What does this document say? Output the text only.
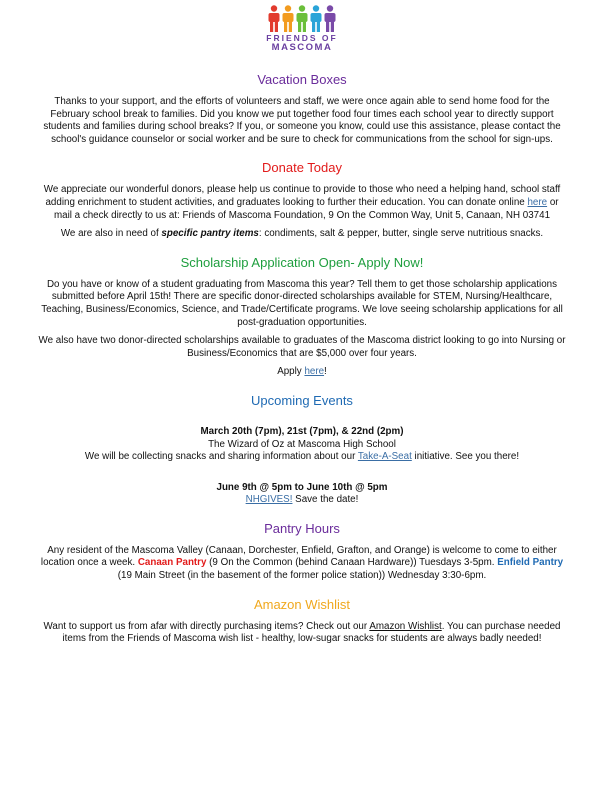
FRIENDS OF
MASCOMA
Vacation Boxes

Thanks to your support, and the efforts of volunteers and staff, we were once again able to send home food for the February school break to families. Did you know we put together food four times each school year to directly support students and families during school breaks? If you, or someone you know, could use this assistance, please contact the school's guidance counselor or social worker and be sure to check for communications from the school for sign-ups.

Donate Today

We appreciate our wonderful donors, please help us continue to provide to those who need a helping hand, school staff adding enrichment to student activities, and graduates looking to further their education. You can donate online here or mail a check directly to us at: Friends of Mascoma Foundation, 9 On the Common Way, Unit 5, Canaan, NH 03741

We are also in need of specific pantry items: condiments, salt & pepper, butter, single serve nutritious snacks.

Scholarship Application Open- Apply Now!

Do you have or know of a student graduating from Mascoma this year? Tell them to get those scholarship applications submitted before April 15th! There are specific donor-directed scholarships available for STEM, Nursing/Healthcare, Teaching, Business/Economics, Science, and Trade/Certificate programs. We love seeing scholarship applications for all post-graduation opportunities.

We also have two donor-directed scholarships available to graduates of the Mascoma district looking to go into Nursing or Business/Economics that are $5,000 over four years.

Apply here!

Upcoming Events

March 20th (7pm), 21st (7pm), & 22nd (2pm)

The Wizard of Oz at Mascoma High School

We will be collecting snacks and sharing information about our Take-A-Seat initiative. See you there!

June 9th @ 5pm to June 10th @ 5pm

NHGIVES! Save the date!

Pantry Hours

Any resident of the Mascoma Valley (Canaan, Dorchester, Enfield, Grafton, and Orange) is welcome to come to either location once a week. Canaan Pantry (9 On the Common (behind Canaan Hardware)) Tuesdays 3-5pm. Enfield Pantry (19 Main Street (in the basement of the former police station)) Wednesday 3:30-6pm.

Amazon Wishlist

Want to support us from afar with directly purchasing items? Check out our Amazon Wishlist. You can purchase needed items from the Friends of Mascoma wish list - healthy, low-sugar snacks for students are always badly needed!
